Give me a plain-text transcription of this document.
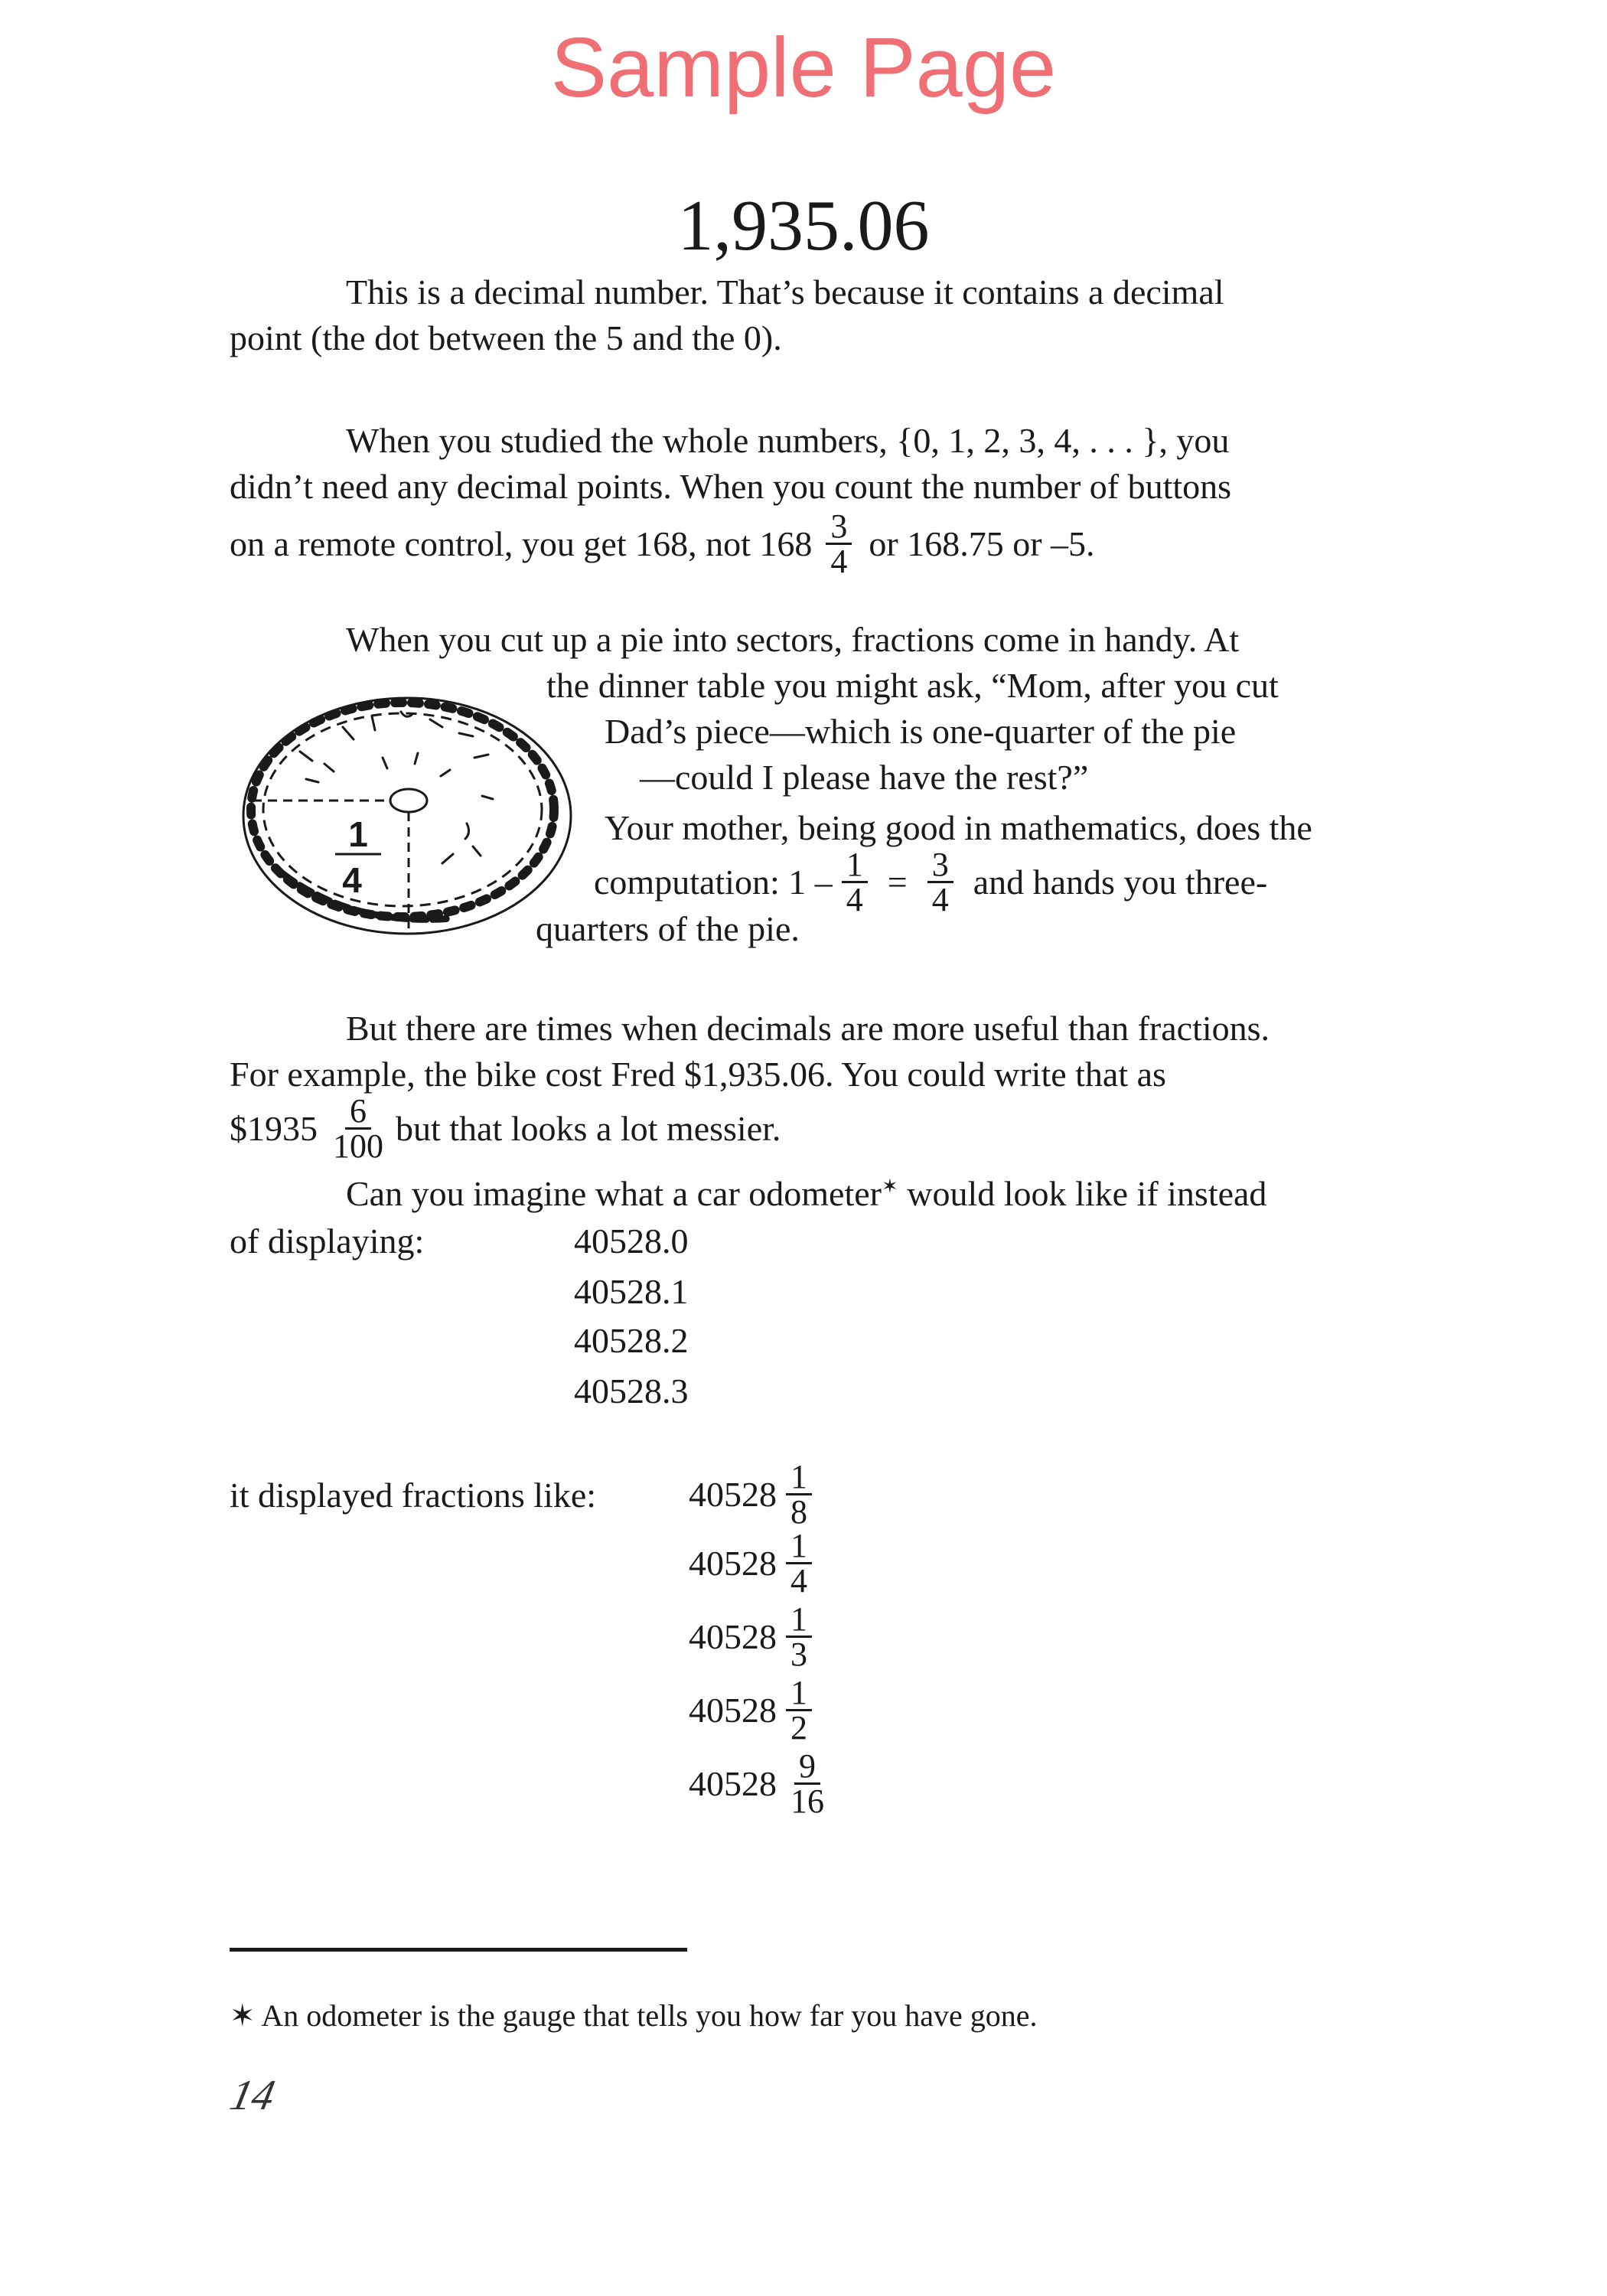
Sample Page
1,935.06
This is a decimal number. That’s because it contains a decimal
point (the dot between the 5 and the 0).
When you studied the whole numbers, {0, 1, 2, 3, 4, . . . }, you
didn’t need any decimal points. When you count the number of buttons
on a remote control, you get 168, not $168 \frac{3}{4}$ or 168.75 or –5.
When you cut up a pie into sectors, fractions come in handy. At
the dinner table you might ask, “Mom, after you cut
Dad’s piece—which is one-quarter of the pie
—could I please have the rest?”
Your mother, being good in mathematics, does the
computation: $1 - \frac{1}{4} = \frac{3}{4}$ and hands you three-
quarters of the pie.
1
4
But there are times when decimals are more useful than fractions.
For example, the bike cost Fred $1,935.06. You could write that as
$1935 $\frac{6}{100}$ but that looks a lot messier.
Can you imagine what a car odometer✶ would look like if instead
of displaying:	40528.0
40528.1
40528.2
40528.3
it displayed fractions like:	$40528 \frac{1}{8}$
$40528 \frac{1}{4}$
$40528 \frac{1}{3}$
$40528 \frac{1}{2}$
$40528 \frac{9}{16}$
✶ An odometer is the gauge that tells you how far you have gone.
14
